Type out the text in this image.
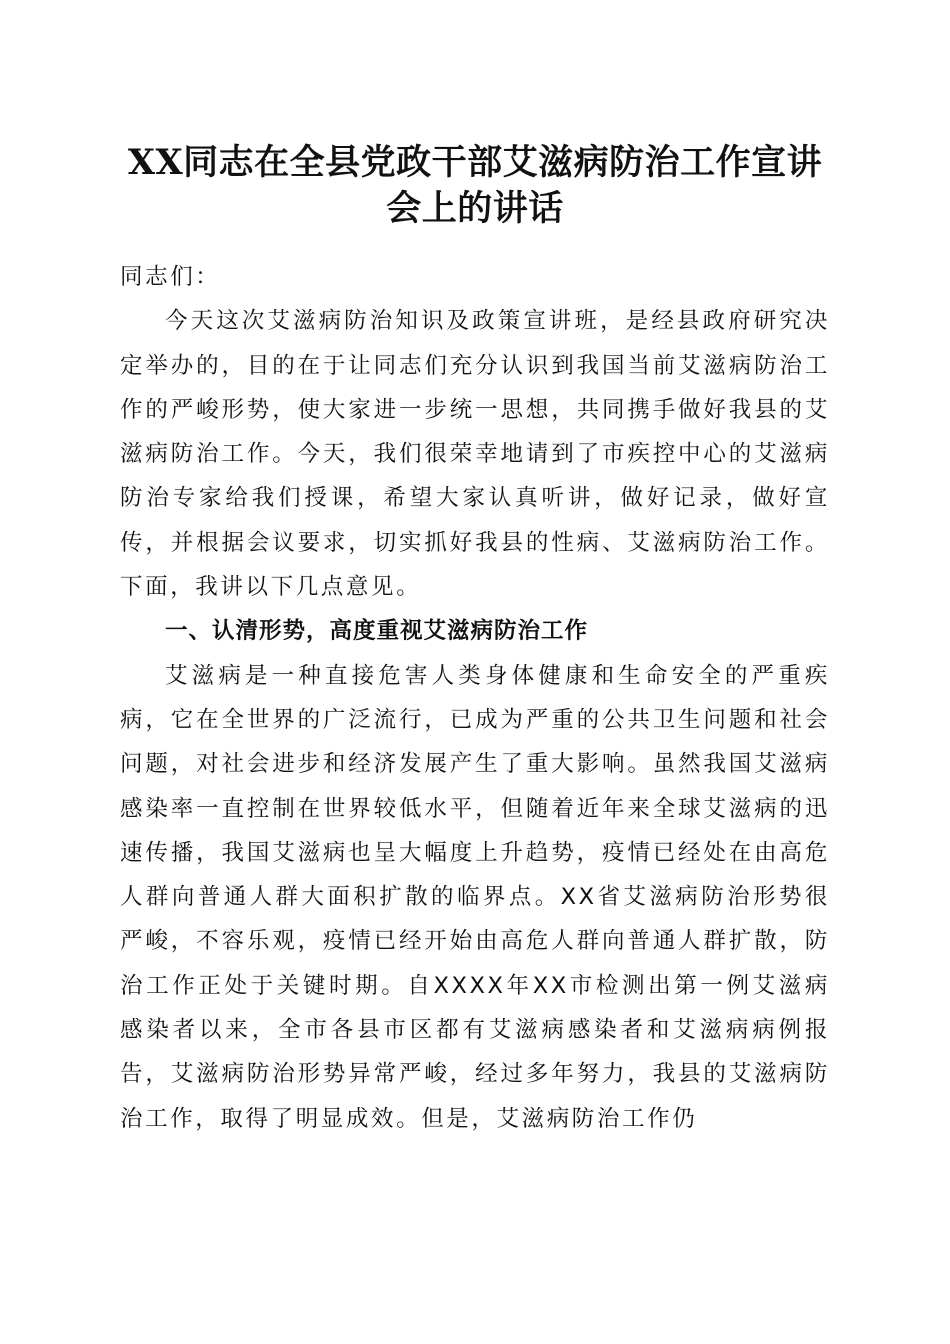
XX同志在全县党政干部艾滋病防治工作宣讲
会上的讲话

同志们：

今天这次艾滋病防治知识及政策宣讲班，是经县政府研究决定举办的，目的在于让同志们充分认识到我国当前艾滋病防治工作的严峻形势，使大家进一步统一思想，共同携手做好我县的艾滋病防治工作。今天，我们很荣幸地请到了市疾控中心的艾滋病防治专家给我们授课，希望大家认真听讲，做好记录，做好宣传，并根据会议要求，切实抓好我县的性病、艾滋病防治工作。下面，我讲以下几点意见。

一、认清形势，高度重视艾滋病防治工作

艾滋病是一种直接危害人类身体健康和生命安全的严重疾病，它在全世界的广泛流行，已成为严重的公共卫生问题和社会问题，对社会进步和经济发展产生了重大影响。虽然我国艾滋病感染率一直控制在世界较低水平，但随着近年来全球艾滋病的迅速传播，我国艾滋病也呈大幅度上升趋势，疫情已经处在由高危人群向普通人群大面积扩散的临界点。XX省艾滋病防治形势很严峻，不容乐观，疫情已经开始由高危人群向普通人群扩散，防治工作正处于关键时期。自XXXX年XX市检测出第一例艾滋病感染者以来，全市各县市区都有艾滋病感染者和艾滋病病例报告，艾滋病防治形势异常严峻，经过多年努力，我县的艾滋病防治工作，取得了明显成效。但是，艾滋病防治工作仍
